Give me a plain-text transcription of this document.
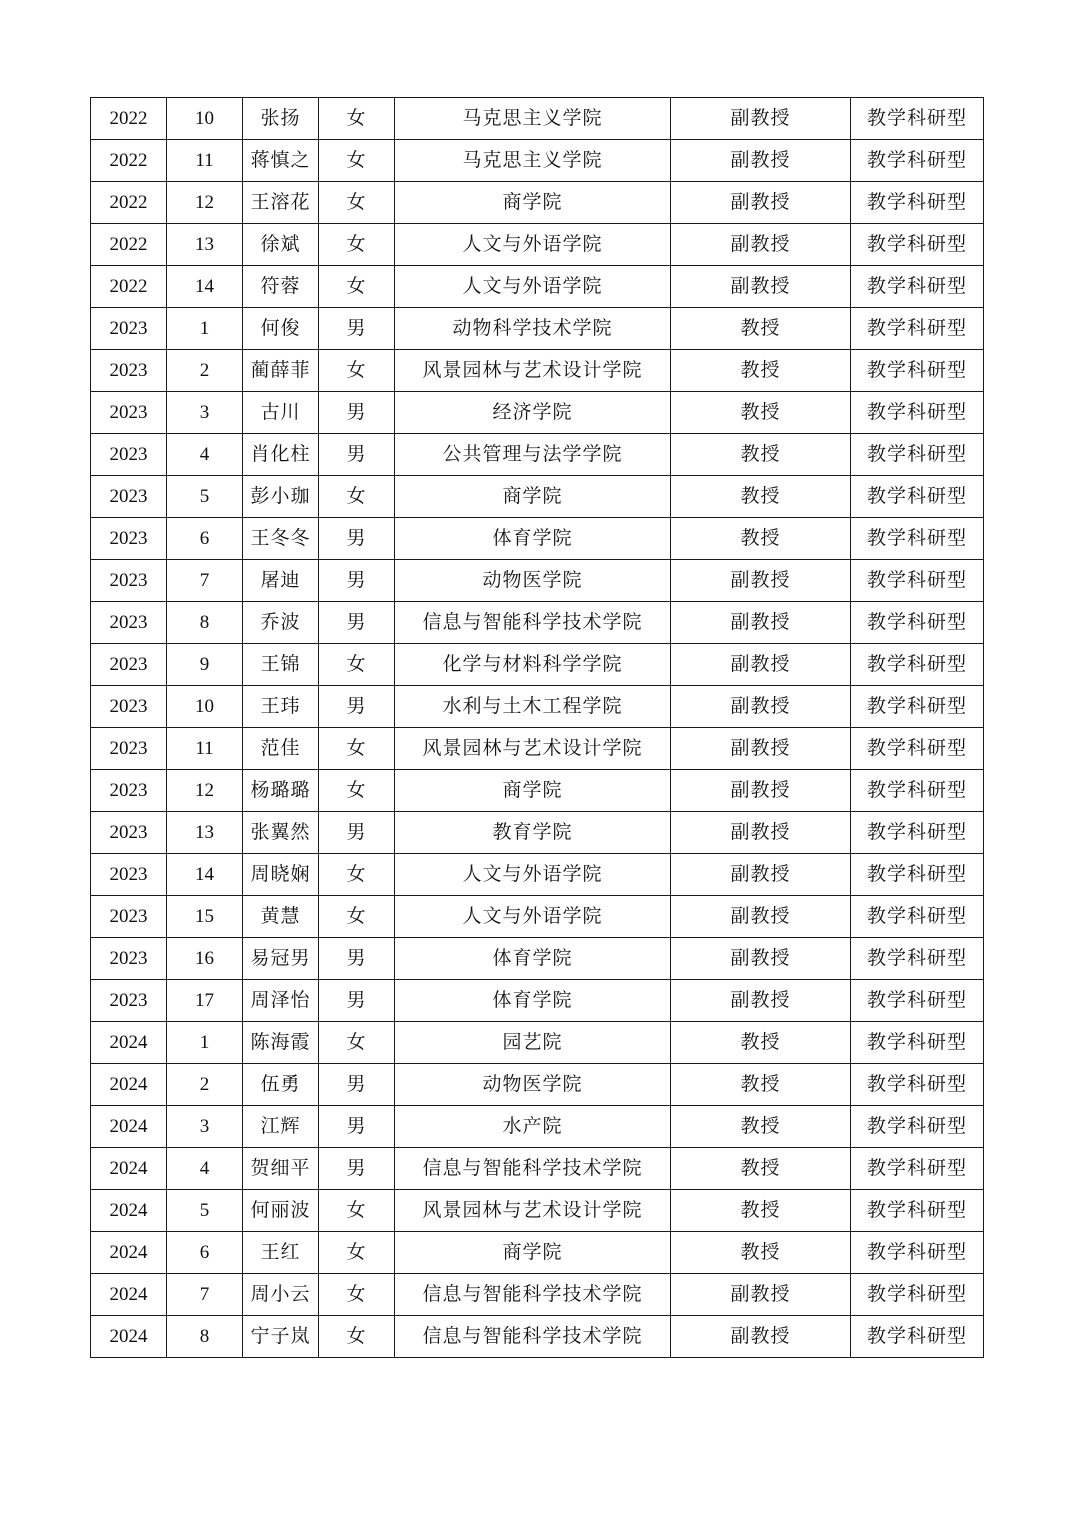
2022	10	张扬	女	马克思主义学院	副教授	教学科研型
2022	11	蒋慎之	女	马克思主义学院	副教授	教学科研型
2022	12	王溶花	女	商学院	副教授	教学科研型
2022	13	徐斌	女	人文与外语学院	副教授	教学科研型
2022	14	符蓉	女	人文与外语学院	副教授	教学科研型
2023	1	何俊	男	动物科学技术学院	教授	教学科研型
2023	2	蔺薛菲	女	风景园林与艺术设计学院	教授	教学科研型
2023	3	古川	男	经济学院	教授	教学科研型
2023	4	肖化柱	男	公共管理与法学学院	教授	教学科研型
2023	5	彭小珈	女	商学院	教授	教学科研型
2023	6	王冬冬	男	体育学院	教授	教学科研型
2023	7	屠迪	男	动物医学院	副教授	教学科研型
2023	8	乔波	男	信息与智能科学技术学院	副教授	教学科研型
2023	9	王锦	女	化学与材料科学学院	副教授	教学科研型
2023	10	王玮	男	水利与土木工程学院	副教授	教学科研型
2023	11	范佳	女	风景园林与艺术设计学院	副教授	教学科研型
2023	12	杨璐璐	女	商学院	副教授	教学科研型
2023	13	张翼然	男	教育学院	副教授	教学科研型
2023	14	周晓娴	女	人文与外语学院	副教授	教学科研型
2023	15	黄慧	女	人文与外语学院	副教授	教学科研型
2023	16	易冠男	男	体育学院	副教授	教学科研型
2023	17	周泽怡	男	体育学院	副教授	教学科研型
2024	1	陈海霞	女	园艺院	教授	教学科研型
2024	2	伍勇	男	动物医学院	教授	教学科研型
2024	3	江辉	男	水产院	教授	教学科研型
2024	4	贺细平	男	信息与智能科学技术学院	教授	教学科研型
2024	5	何丽波	女	风景园林与艺术设计学院	教授	教学科研型
2024	6	王红	女	商学院	教授	教学科研型
2024	7	周小云	女	信息与智能科学技术学院	副教授	教学科研型
2024	8	宁子岚	女	信息与智能科学技术学院	副教授	教学科研型
